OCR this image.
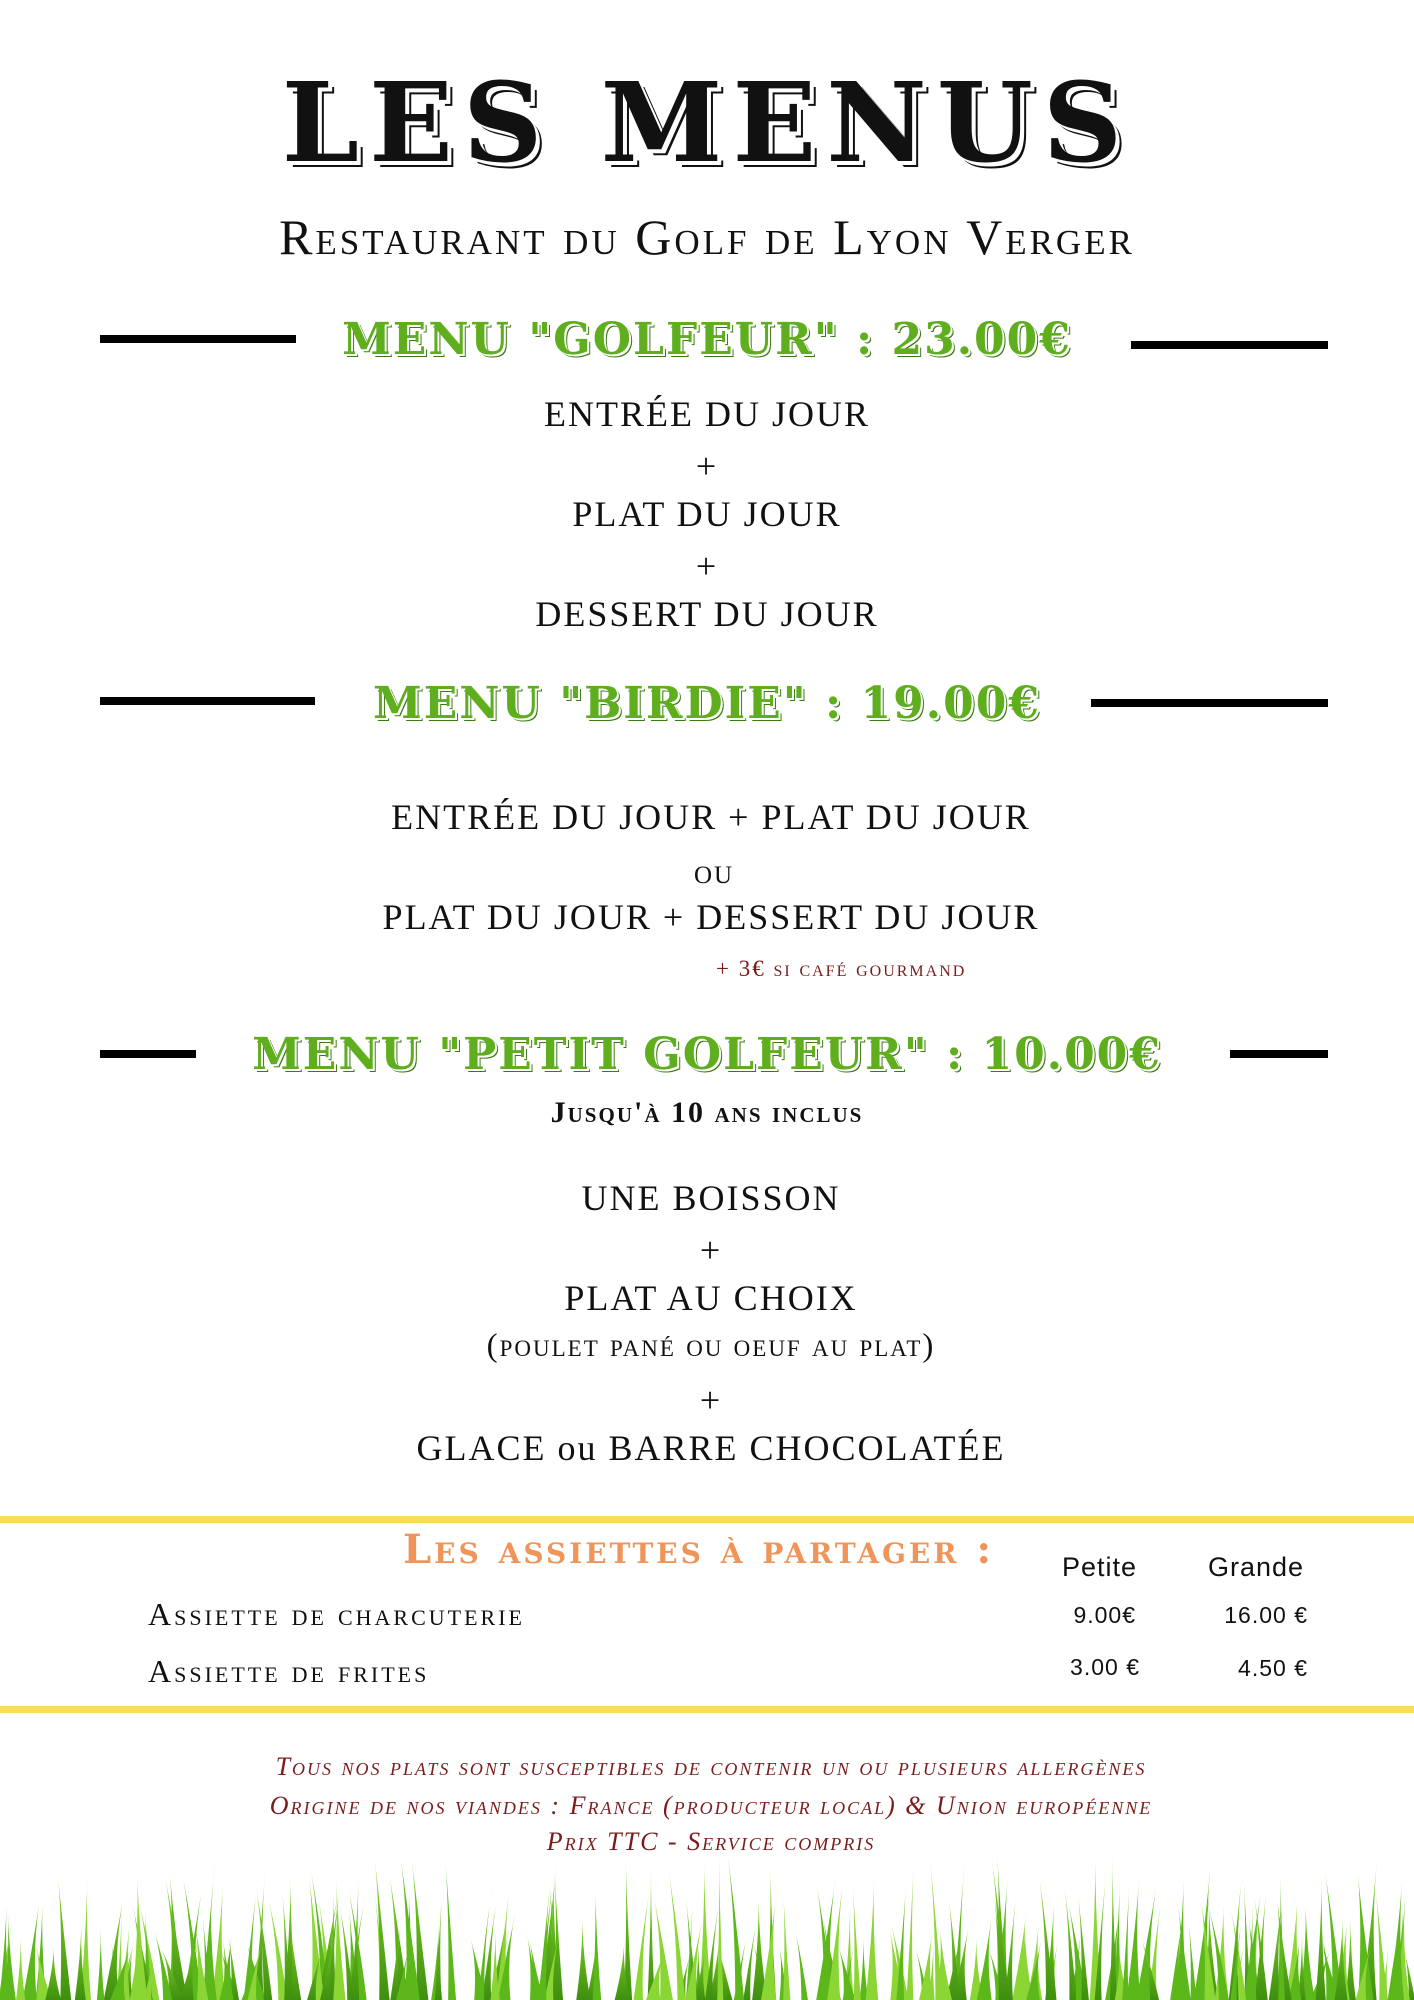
LES MENUS
Restaurant du Golf de Lyon Verger
MENU "GOLFEUR" : 23.00€
ENTRÉE DU JOUR
+
PLAT DU JOUR
+
DESSERT DU JOUR
MENU "BIRDIE" : 19.00€
ENTRÉE DU JOUR + PLAT DU JOUR
ou
PLAT DU JOUR + DESSERT DU JOUR
+ 3€ si café gourmand
MENU "PETIT GOLFEUR" : 10.00€
Jusqu'à 10 ans inclus
UNE BOISSON
+
PLAT AU CHOIX
(poulet pané ou oeuf au plat)
+
GLACE ou BARRE CHOCOLATÉE
Les assiettes à partager :	Petite	Grande
Assiette de charcuterie	9.00€	16.00 €
Assiette de frites	3.00 €	4.50 €
Tous nos plats sont susceptibles de contenir un ou plusieurs allergènes
Origine de nos viandes : France (producteur local) & Union européenne
Prix TTC - Service compris
